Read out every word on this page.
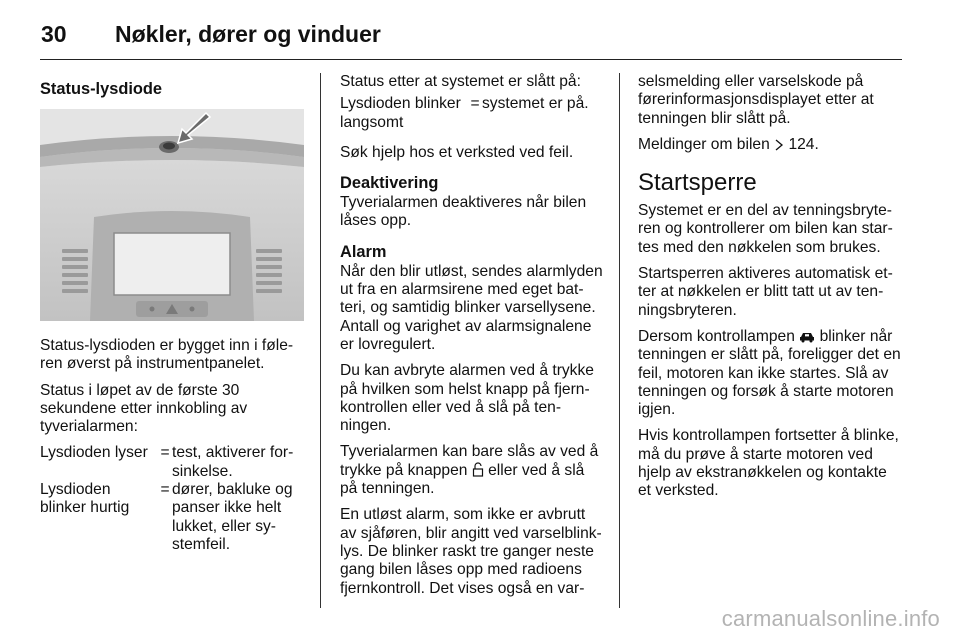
30	Nøkler, dører og vinduer
Status-lysdiode

Status-lysdioden er bygget inn i føle-ren øverst på instrumentpanelet.

Status i løpet av de første 30 sekundene etter innkobling av tyverialarmen:

Lysdioden lyser = test, aktiverer for-sinkelse.
Lysdioden blinker hurtig
= dører, bakluke og panser ikke helt lukket, eller sy-stemfeil.

Status etter at systemet er slått på:

Lysdioden blinker langsomt
= systemet er på.

Søk hjelp hos et verksted ved feil.

Deaktivering

Tyverialarmen deaktiveres når bilen låses opp.

Alarm

Når den blir utløst, sendes alarmlyden ut fra en alarmsirene med eget bat-teri, og samtidig blinker varsellysene. Antall og varighet av alarmsignalene er lovregulert.

Du kan avbryte alarmen ved å trykke på hvilken som helst knapp på fjern-kontrollen eller ved å slå på ten-ningen.

Tyverialarmen kan bare slås av ved å trykke på knappen eller ved å slå på tenningen.

En utløst alarm, som ikke er avbrutt av sjåføren, blir angitt ved varselblink-lys. De blinker raskt tre ganger neste gang bilen låses opp med radioens fjernkontroll. Det vises også en var-

selsmelding eller varselskode på førerinformasjonsdisplayet etter at tenningen blir slått på.

Meldinger om bilen 124.

Startsperre

Systemet er en del av tenningsbryte-ren og kontrollerer om bilen kan star-tes med den nøkkelen som brukes.

Startsperren aktiveres automatisk et-ter at nøkkelen er blitt tatt ut av ten-ningsbryteren.

Dersom kontrollampen blinker når tenningen er slått på, foreligger det en feil, motoren kan ikke startes. Slå av tenningen og forsøk å starte motoren igjen.

Hvis kontrollampen fortsetter å blinke, må du prøve å starte motoren ved hjelp av ekstranøkkelen og kontakte et verksted.

carmanualsonline.info
